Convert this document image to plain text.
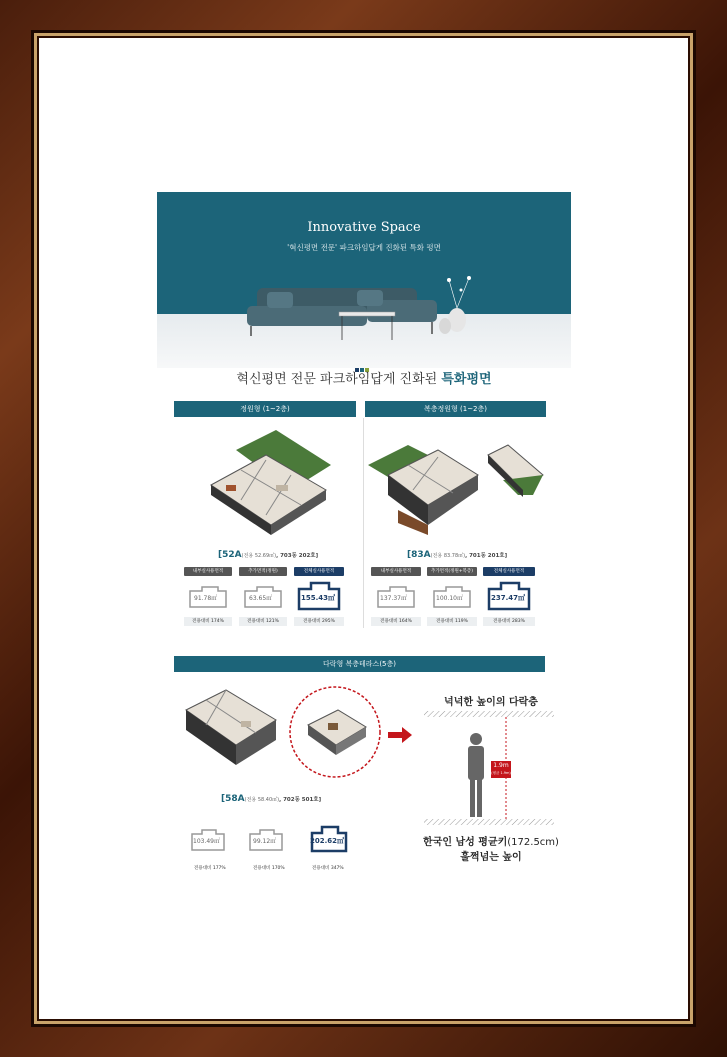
Innovative Space
'혁신평면 전문' 파크하임답게 진화된 특화 평면
혁신평면 전문 파크하임답게 진화된 특화평면
정원형 (1~2층)	복층정원형 (1~2층)
[52A(전용 52.69㎡), 703동 202호]	[83A(전용 83.78㎡), 701동 201호]
내부실사용면적	추가면적(정원)	전체실사용면적
91.78㎡	63.65㎡	155.43㎡
전용대비 174%	전용대비 121%	전용대비 295%
내부실사용면적	추가면적(정원+복층)	전체실사용면적
137.37㎡	100.10㎡	237.47㎡
전용대비 164%	전용대비 119%	전용대비 283%
다락형 복층테라스(5층)
[58A(전용 58.40㎡), 702동 501호]
103.49㎡	99.12㎡	202.62㎡
전용대비 177%	전용대비 170%	전용대비 347%
넉넉한 높이의 다락층
1.9m
(평균 1.9m)
한국인 남성 평균키(172.5cm)
훌쩍넘는 높이
